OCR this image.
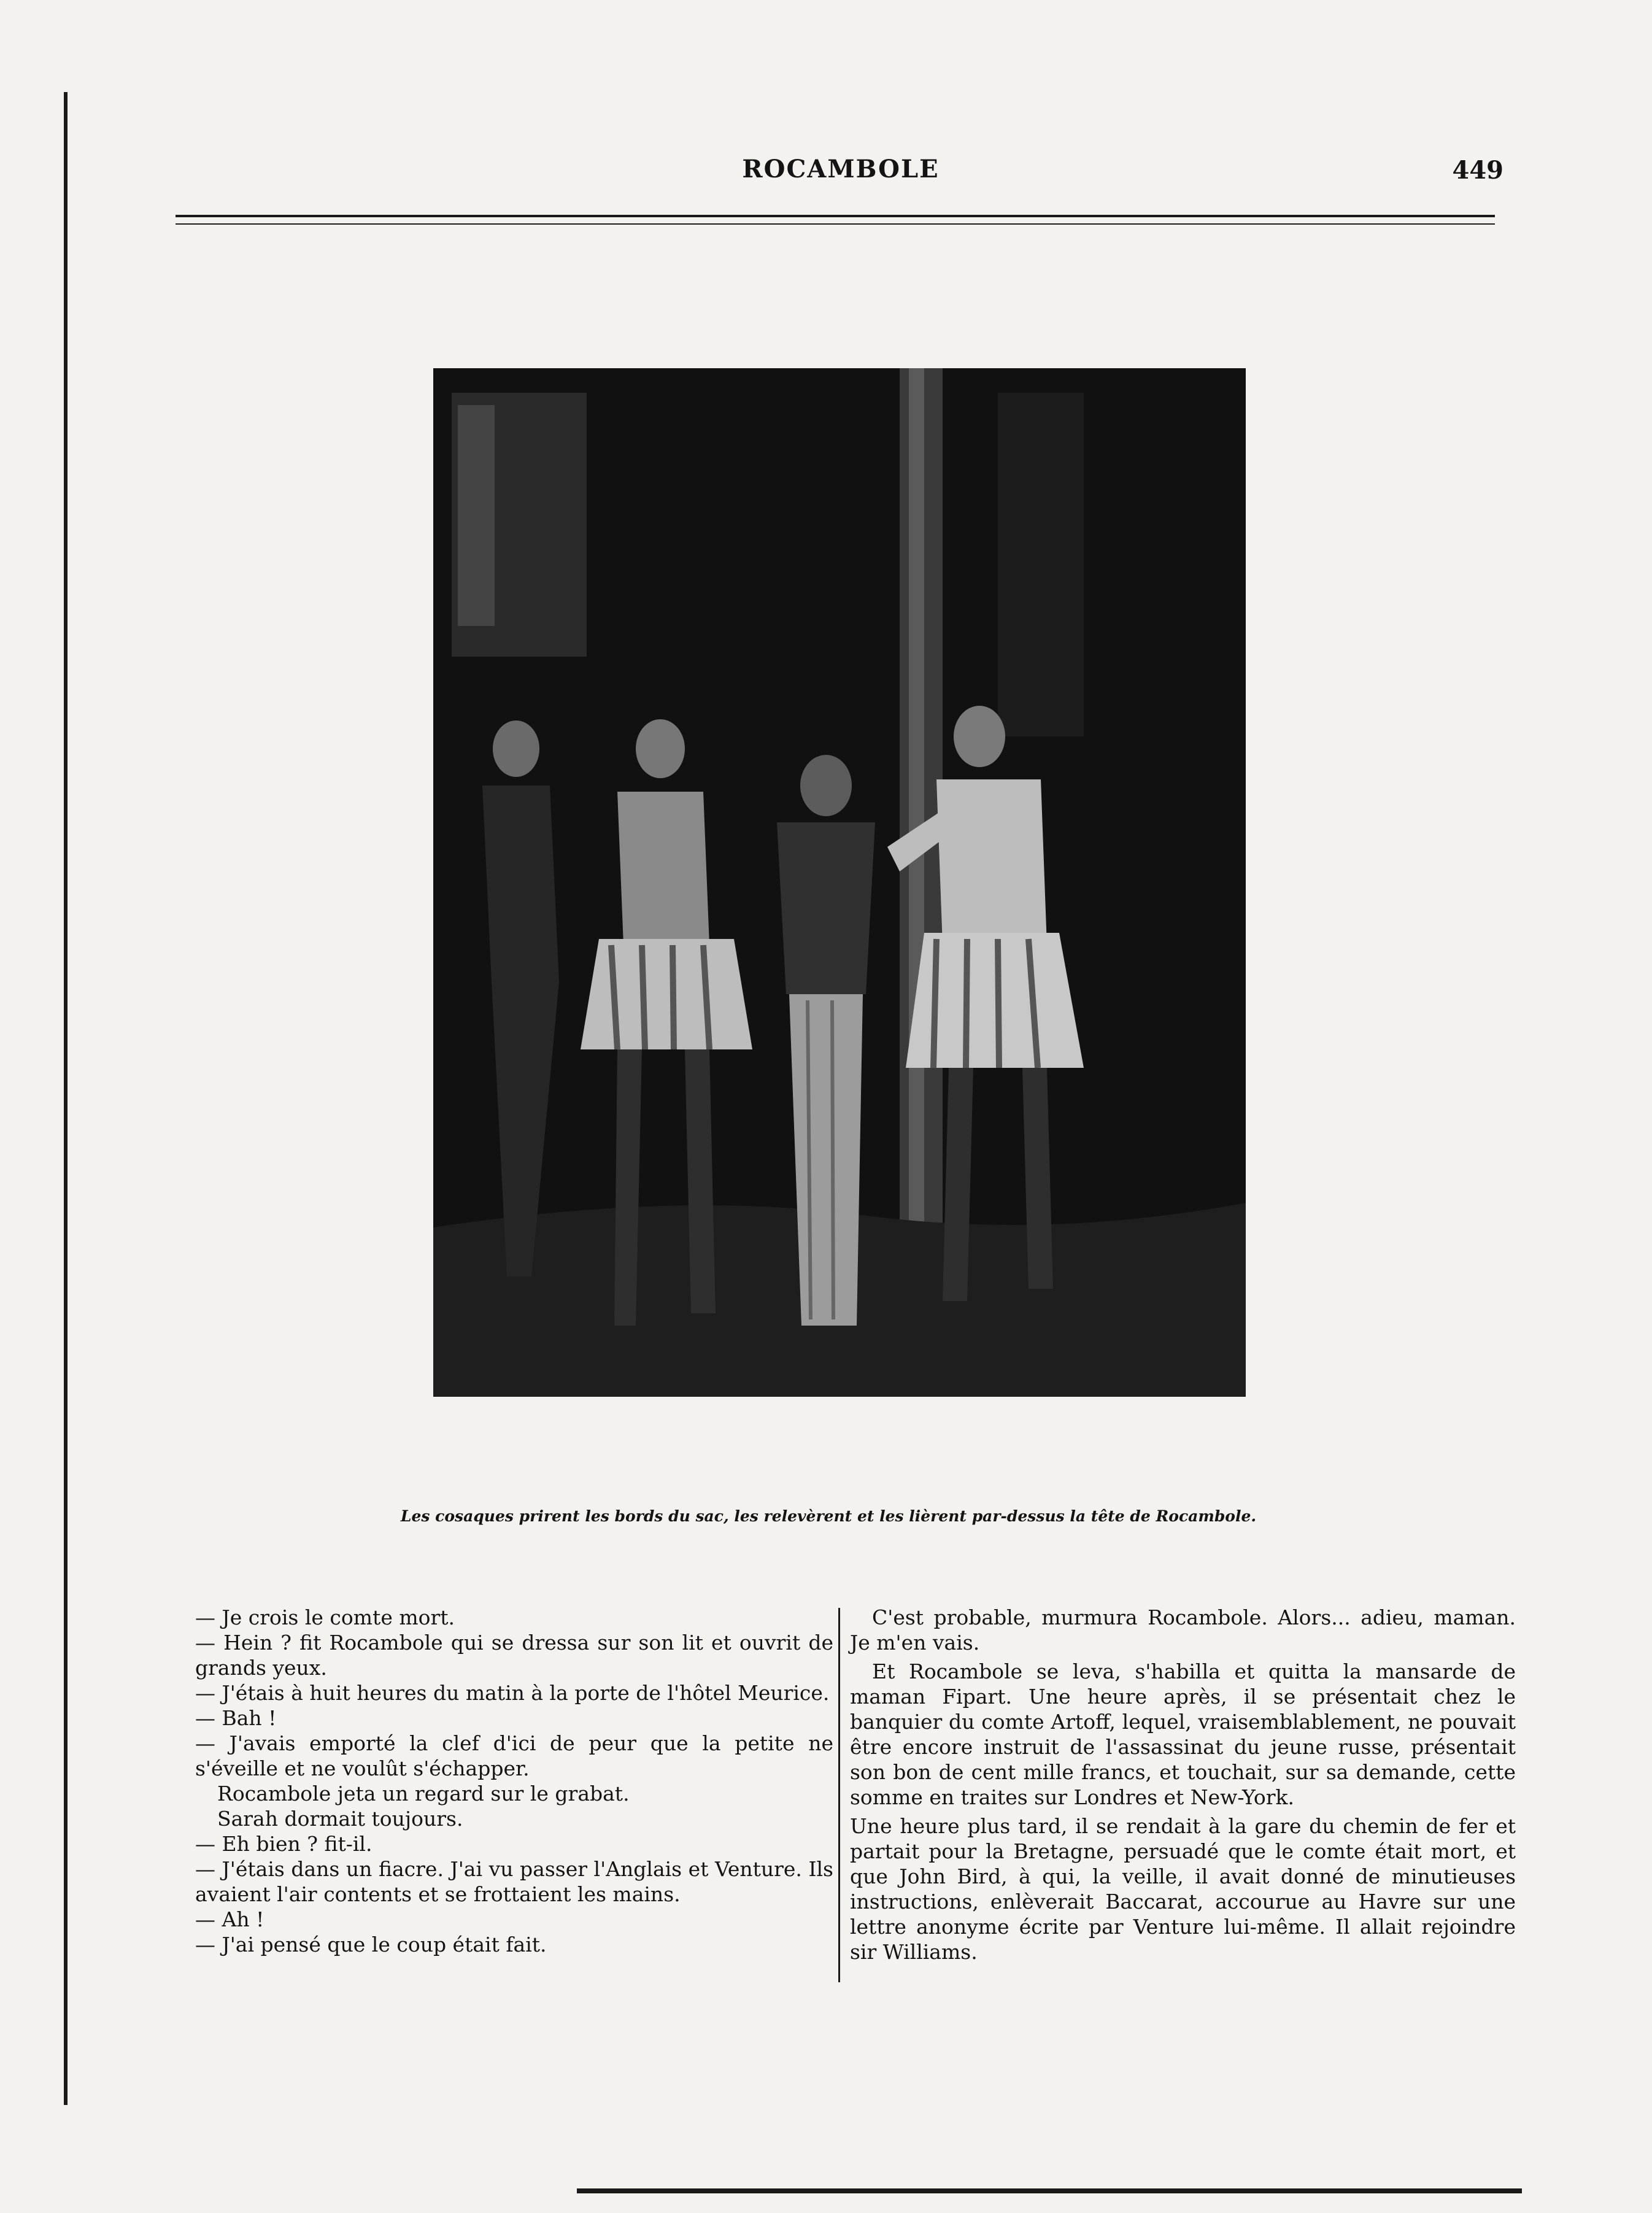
ROCAMBOLE	449
Les cosaques prirent les bords du sac, les relevèrent et les lièrent par-dessus la tête de Rocambole.

— Je crois le comte mort.

— Hein ? fit Rocambole qui se dressa sur son lit et ouvrit de grands yeux.

— J'étais à huit heures du matin à la porte de l'hôtel Meurice.

— Bah !

— J'avais emporté la clef d'ici de peur que la petite ne s'éveille et ne voulût s'échapper.

Rocambole jeta un regard sur le grabat.

Sarah dormait toujours.

— Eh bien ? fit-il.

— J'étais dans un fiacre. J'ai vu passer l'Anglais et Venture. Ils avaient l'air contents et se frottaient les mains.

— Ah !

— J'ai pensé que le coup était fait.

C'est probable, murmura Rocambole. Alors... adieu, maman. Je m'en vais.

Et Rocambole se leva, s'habilla et quitta la mansarde de maman Fipart. Une heure après, il se présentait chez le banquier du comte Artoff, lequel, vraisemblablement, ne pouvait être encore instruit de l'assassinat du jeune russe, présentait son bon de cent mille francs, et touchait, sur sa demande, cette somme en traites sur Londres et New-York.

Une heure plus tard, il se rendait à la gare du chemin de fer et partait pour la Bretagne, persuadé que le comte était mort, et que John Bird, à qui, la veille, il avait donné de minutieuses instructions, enlèverait Baccarat, accourue au Havre sur une lettre anonyme écrite par Venture lui-même. Il allait rejoindre sir Williams.
